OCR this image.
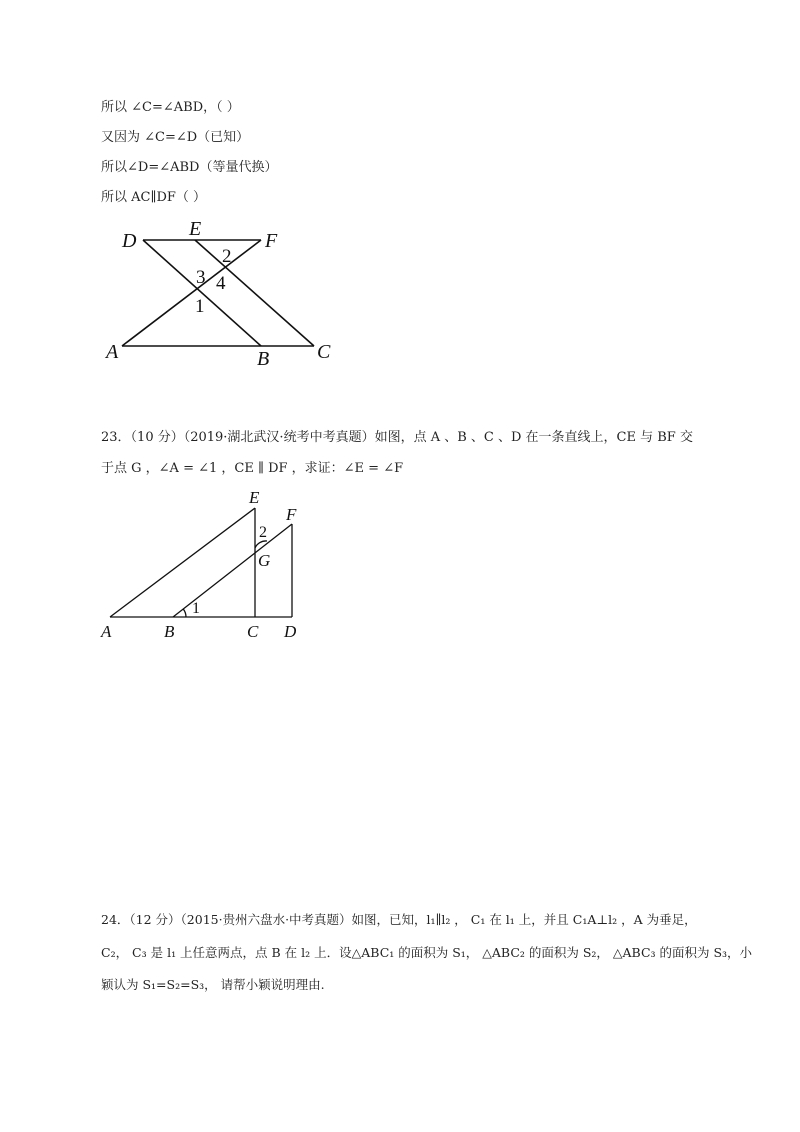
所以 ∠C=∠ABD，（ ）
又因为 ∠C=∠D（已知）
所以∠D=∠ABD（等量代换）
所以 AC∥DF（ ）
D
E
F
A	B C
2
3 4
1
23．（10 分）（2019·湖北武汉·统考中考真题）如图，点 A 、B 、C 、D 在一条直线上，CE 与 BF 交
于点 G ，∠A = ∠1 ，CE ∥ DF ，求证：∠E = ∠F
E
F
G
A	B	C D
1
2
24．（12 分）（2015·贵州六盘水·中考真题）如图，已知，l₁∥l₂ ， C₁ 在 l₁ 上，并且 C₁A⊥l₂ ，A 为垂足，
C₂， C₃ 是 l₁ 上任意两点，点 B 在 l₂ 上．设△ABC₁ 的面积为 S₁， △ABC₂ 的面积为 S₂， △ABC₃ 的面积为 S₃，小
颖认为 S₁=S₂=S₃， 请帮小颖说明理由.
